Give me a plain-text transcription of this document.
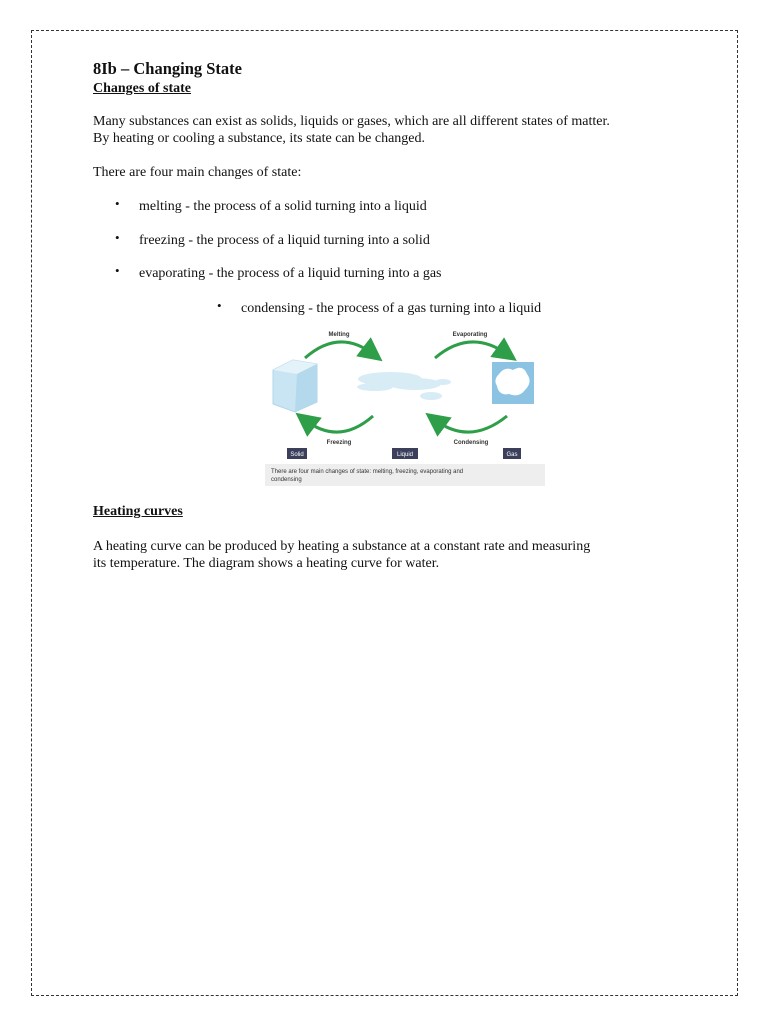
8Ib – Changing State
Changes of state

Many substances can exist as solids, liquids or gases, which are all different states of matter.

By heating or cooling a substance, its state can be changed.

There are four main changes of state:

• melting - the process of a solid turning into a liquid
• freezing - the process of a liquid turning into a solid
• evaporating - the process of a liquid turning into a gas
• condensing - the process of a gas turning into a liquid
Melting	Evaporating
Freezing	Condensing
Solid	Liquid	Gas
There are four main changes of state: melting, freezing, evaporating and
condensing
Heating curves

A heating curve can be produced by heating a substance at a constant rate and measuring

its temperature. The diagram shows a heating curve for water.
